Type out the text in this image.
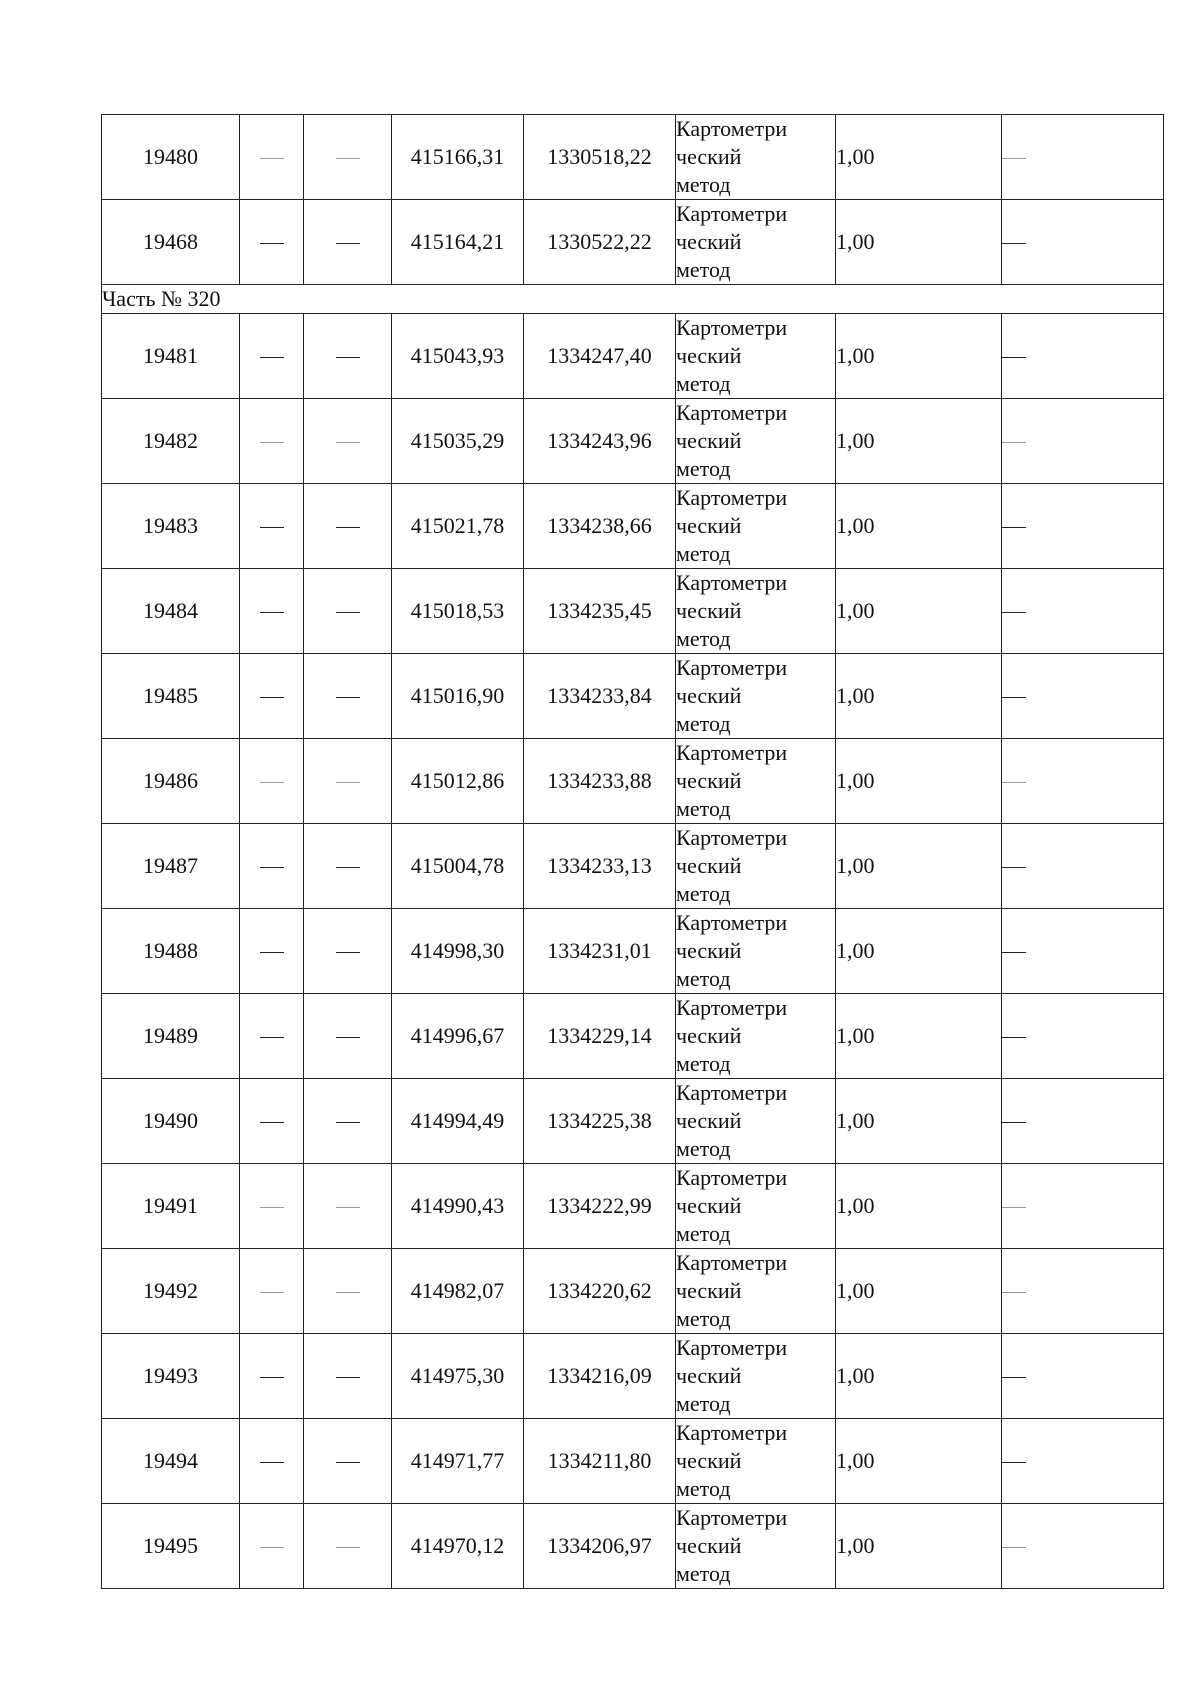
19480			415166,31	1330518,22	Картометри
ческий
метод	1,00	
19468			415164,21	1330522,22	Картометри
ческий
метод	1,00	
Часть № 320							
19481			415043,93	1334247,40	Картометри
ческий
метод	1,00	
19482			415035,29	1334243,96	Картометри
ческий
метод	1,00	
19483			415021,78	1334238,66	Картометри
ческий
метод	1,00	
19484			415018,53	1334235,45	Картометри
ческий
метод	1,00	
19485			415016,90	1334233,84	Картометри
ческий
метод	1,00	
19486			415012,86	1334233,88	Картометри
ческий
метод	1,00	
19487			415004,78	1334233,13	Картометри
ческий
метод	1,00	
19488			414998,30	1334231,01	Картометри
ческий
метод	1,00	
19489			414996,67	1334229,14	Картометри
ческий
метод	1,00	
19490			414994,49	1334225,38	Картометри
ческий
метод	1,00	
19491			414990,43	1334222,99	Картометри
ческий
метод	1,00	
19492			414982,07	1334220,62	Картометри
ческий
метод	1,00	
19493			414975,30	1334216,09	Картометри
ческий
метод	1,00	
19494			414971,77	1334211,80	Картометри
ческий
метод	1,00	
19495			414970,12	1334206,97	Картометри
ческий
метод	1,00	
